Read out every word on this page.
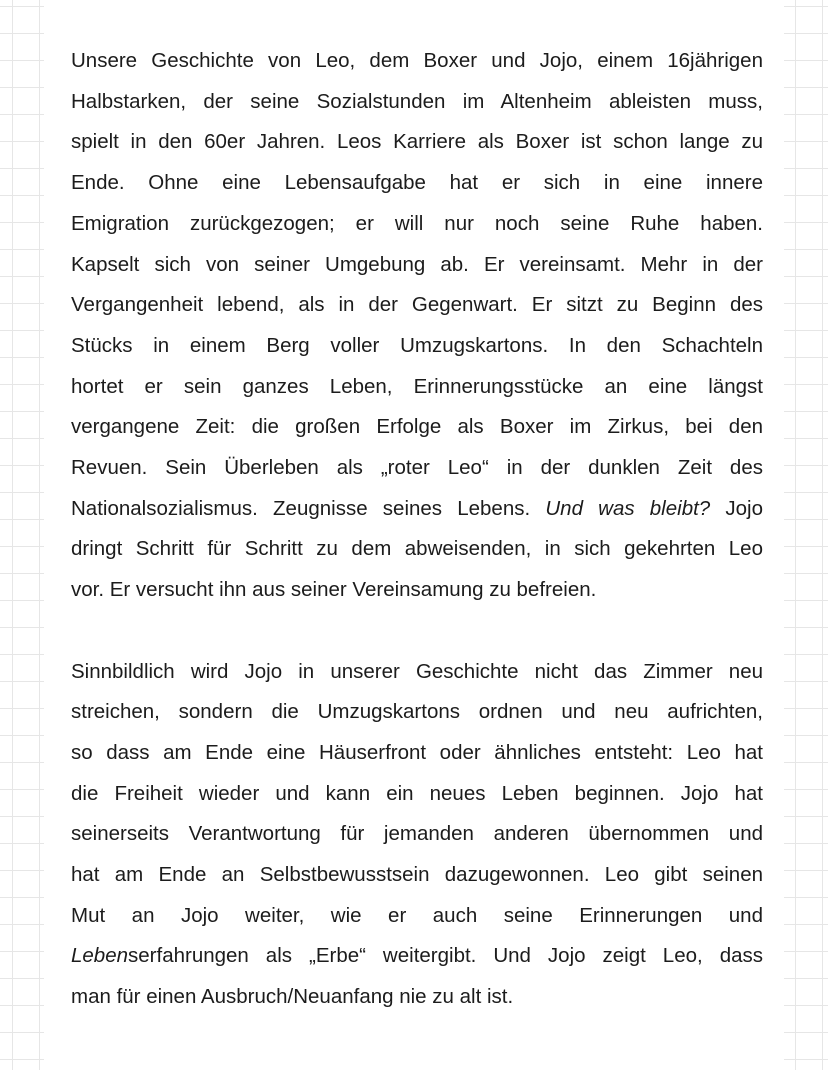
Unsere Geschichte von Leo, dem Boxer und Jojo, einem 16jährigen
Halbstarken, der seine Sozialstunden im Altenheim ableisten muss,
spielt in den 60er Jahren. Leos Karriere als Boxer ist schon lange zu
Ende. Ohne eine Lebensaufgabe hat er sich in eine innere
Emigration zurückgezogen; er will nur noch seine Ruhe haben.
Kapselt sich von seiner Umgebung ab. Er vereinsamt. Mehr in der
Vergangenheit lebend, als in der Gegenwart. Er sitzt zu Beginn des
Stücks in einem Berg voller Umzugskartons. In den Schachteln
hortet er sein ganzes Leben, Erinnerungsstücke an eine längst
vergangene Zeit: die großen Erfolge als Boxer im Zirkus, bei den
Revuen. Sein Überleben als „roter Leo“ in der dunklen Zeit des
Nationalsozialismus. Zeugnisse seines Lebens. Und was bleibt? Jojo
dringt Schritt für Schritt zu dem abweisenden, in sich gekehrten Leo
vor. Er versucht ihn aus seiner Vereinsamung zu befreien.

Sinnbildlich wird Jojo in unserer Geschichte nicht das Zimmer neu
streichen, sondern die Umzugskartons ordnen und neu aufrichten,
so dass am Ende eine Häuserfront oder ähnliches entsteht: Leo hat
die Freiheit wieder und kann ein neues Leben beginnen. Jojo hat
seinerseits Verantwortung für jemanden anderen übernommen und
hat am Ende an Selbstbewusstsein dazugewonnen. Leo gibt seinen
Mut an Jojo weiter, wie er auch seine Erinnerungen und
Lebenserfahrungen als „Erbe“ weitergibt. Und Jojo zeigt Leo, dass
man für einen Ausbruch/Neuanfang nie zu alt ist.
